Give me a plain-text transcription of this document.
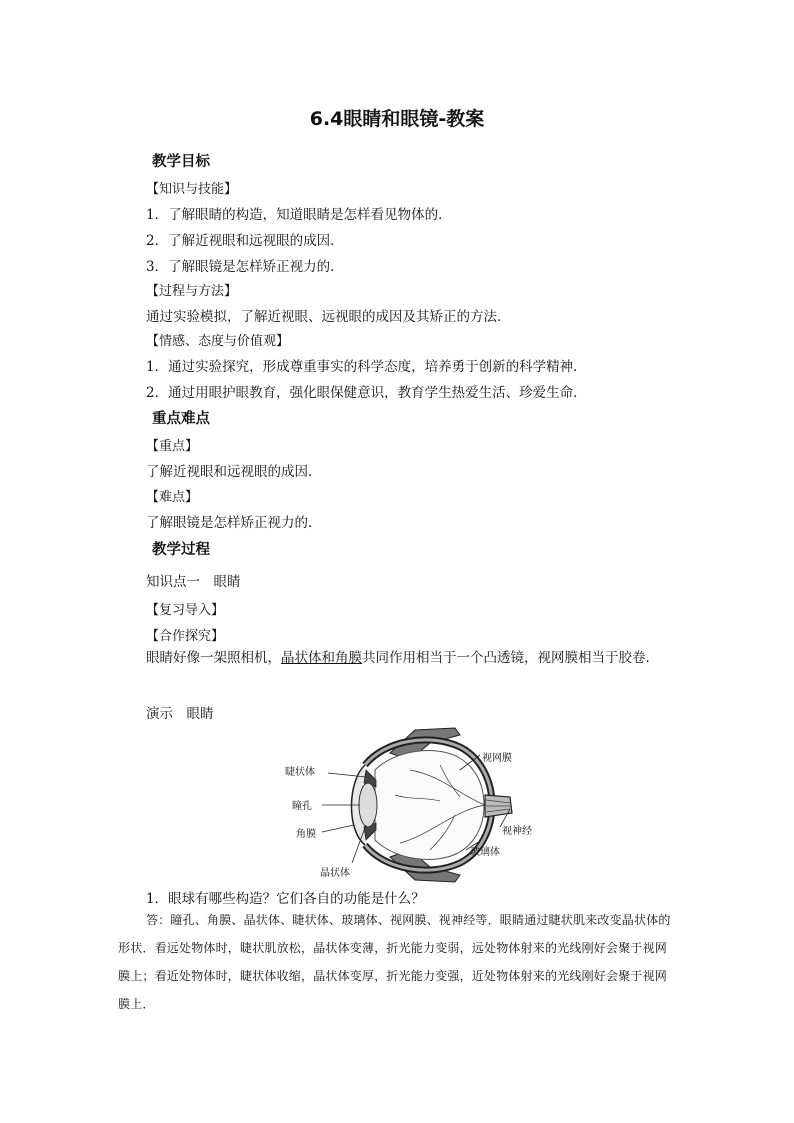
6.4眼睛和眼镜-教案
教学目标
【知识与技能】
1．了解眼睛的构造，知道眼睛是怎样看见物体的．
2．了解近视眼和远视眼的成因．
3．了解眼镜是怎样矫正视力的．
【过程与方法】
通过实验模拟，了解近视眼、远视眼的成因及其矫正的方法．
【情感、态度与价值观】
1．通过实验探究，形成尊重事实的科学态度，培养勇于创新的科学精神．
2．通过用眼护眼教育，强化眼保健意识，教育学生热爱生活、珍爱生命．
重点难点
【重点】
了解近视眼和远视眼的成因．
【难点】
了解眼镜是怎样矫正视力的．
教学过程
知识点一　眼睛
【复习导入】
【合作探究】
眼睛好像一架照相机，晶状体和角膜共同作用相当于一个凸透镜，视网膜相当于胶卷．
演示　眼睛
睫状体
视网膜
瞳孔
视神经
角膜
玻璃体
晶状体
1．眼球有哪些构造？它们各自的功能是什么？
答：瞳孔、角膜、晶状体、睫状体、玻璃体、视网膜、视神经等．眼睛通过睫状肌来改变晶状体的形状．看远处物体时，睫状肌放松，晶状体变薄，折光能力变弱，远处物体射来的光线刚好会聚于视网膜上；看近处物体时，睫状体收缩，晶状体变厚，折光能力变强，近处物体射来的光线刚好会聚于视网膜上．
